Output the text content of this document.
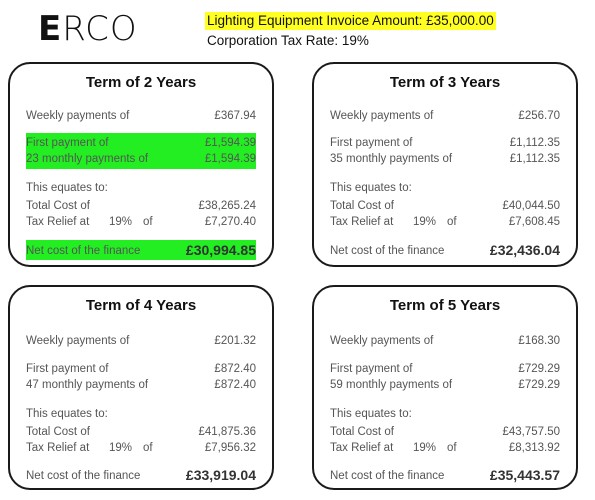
ERCO	Lighting Equipment Invoice Amount: £35,000.00
Corporation Tax Rate: 19%
Term of 2 Years
Weekly payments of	£367.94
First payment of	£1,594.39
23 monthly payments of	£1,594.39
This equates to:
Total Cost of	£38,265.24
Tax Relief at 19% of	£7,270.40
Net cost of the finance	£30,994.85
Term of 3 Years
Weekly payments of	£256.70
First payment of	£1,112.35
35 monthly payments of	£1,112.35
This equates to:
Total Cost of	£40,044.50
Tax Relief at 19% of	£7,608.45
Net cost of the finance	£32,436.04
Term of 4 Years
Weekly payments of	£201.32
First payment of	£872.40
47 monthly payments of	£872.40
This equates to:
Total Cost of	£41,875.36
Tax Relief at 19% of	£7,956.32
Net cost of the finance	£33,919.04
Term of 5 Years
Weekly payments of	£168.30
First payment of	£729.29
59 monthly payments of	£729.29
This equates to:
Total Cost of	£43,757.50
Tax Relief at 19% of	£8,313.92
Net cost of the finance	£35,443.57
